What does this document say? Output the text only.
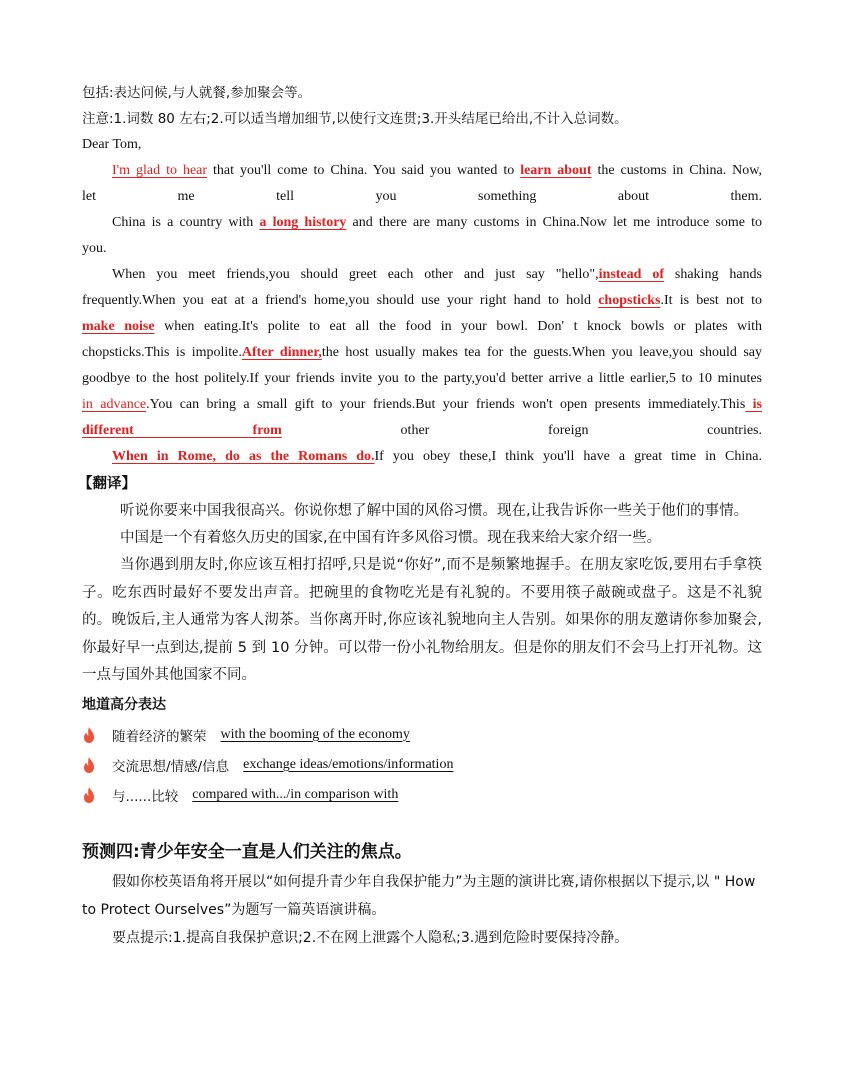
包括:表达问候,与人就餐,参加聚会等。
注意:1.词数 80 左右;2.可以适当增加细节,以使行文连贯;3.开头结尾已给出,不计入总词数。
Dear Tom,
I'm glad to hear that you'll come to China. You said you wanted to learn about the customs in China. Now, let me tell you something about them.
China is a country with a long history and there are many customs in China.Now let me introduce some to you.
When you meet friends,you should greet each other and just say "hello",instead of shaking hands frequently.When you eat at a friend's home,you should use your right hand to hold chopsticks.It is best not to make noise when eating.It's polite to eat all the food in your bowl. Don' t knock bowls or plates with chopsticks.This is impolite.After dinner,the host usually makes tea for the guests.When you leave,you should say goodbye to the host politely.If your friends invite you to the party,you'd better arrive a little earlier,5 to 10 minutes in advance.You can bring a small gift to your friends.But your friends won't open presents immediately.This is different from other foreign countries.
When in Rome, do as the Romans do.If you obey these,I think you'll have a great time in China.
【翻译】
听说你要来中国我很高兴。你说你想了解中国的风俗习惯。现在,让我告诉你一些关于他们的事情。
中国是一个有着悠久历史的国家,在中国有许多风俗习惯。现在我来给大家介绍一些。
当你遇到朋友时,你应该互相打招呼,只是说“你好”,而不是频繁地握手。在朋友家吃饭,要用右手拿筷子。吃东西时最好不要发出声音。把碗里的食物吃光是有礼貌的。不要用筷子敲碗或盘子。这是不礼貌的。晚饭后,主人通常为客人沏茶。当你离开时,你应该礼貌地向主人告别。如果你的朋友邀请你参加聚会,你最好早一点到达,提前 5 到 10 分钟。可以带一份小礼物给朋友。但是你的朋友们不会马上打开礼物。这一点与国外其他国家不同。
地道高分表达
随着经济的繁荣 with the booming of the economy
交流思想/情感/信息 exchange ideas/emotions/information
与......比较 compared with.../in comparison with
预测四:青少年安全一直是人们关注的焦点。
假如你校英语角将开展以“如何提升青少年自我保护能力”为主题的演讲比赛,请你根据以下提示,以 " How to Protect Ourselves”为题写一篇英语演讲稿。
要点提示:1.提高自我保护意识;2.不在网上泄露个人隐私;3.遇到危险时要保持冷静。
